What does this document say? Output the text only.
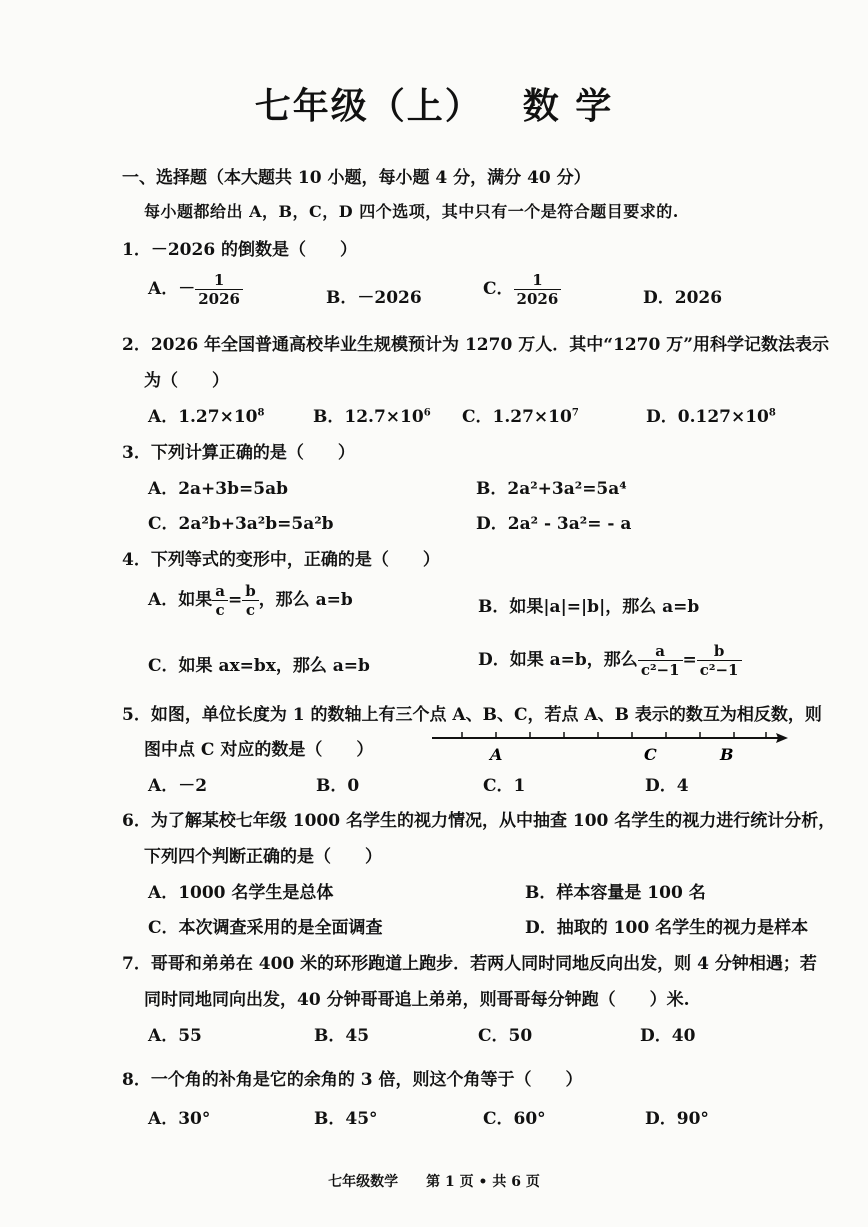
七年级（上） 数 学
一、选择题（本大题共 10 小题，每小题 4 分，满分 40 分）
每小题都给出 A，B，C，D 四个选项，其中只有一个是符合题目要求的.
1．－2026 的倒数是（　　）
A．－ $\frac{1}{2026}$	B．－2026	C． $\frac{1}{2026}$	D．2026
2．2026 年全国普通高校毕业生规模预计为 1270 万人．其中“1270 万”用科学记数法表示
为（　　）
A．$1.27\times 10^8$	B．$12.7\times 10^6$ C．$1.27\times 10^7$	D．$0.127\times 10^8$
3．下列计算正确的是（　　）
A．2a+3b=5ab	B．2a²+3a²=5a⁴
C．2a²b+3a²b=5a²b	D．2a² - 3a²= - a
4．下列等式的变形中，正确的是（　　）
A．如果 $\frac{a}{c} = \frac{b}{c}$ ，那么 a=b	B．如果|a|=|b|，那么 a=b
C．如果 ax=bx，那么 a=b	D．如果 a=b，那么 $\frac{a}{\text{c²−1}} = \frac{b}{\text{c²−1}}$
5．如图，单位长度为 1 的数轴上有三个点 A、B、C，若点 A、B 表示的数互为相反数，则
图中点 C 对应的数是（　　）	A	C	B
A．－2	B．0	C．1	D．4
6．为了解某校七年级 1000 名学生的视力情况，从中抽查 100 名学生的视力进行统计分析，
下列四个判断正确的是（　　）
A．1000 名学生是总体	B．样本容量是 100 名
C．本次调查采用的是全面调查	D．抽取的 100 名学生的视力是样本
7．哥哥和弟弟在 400 米的环形跑道上跑步．若两人同时同地反向出发，则 4 分钟相遇；若
同时同地同向出发，40 分钟哥哥追上弟弟，则哥哥每分钟跑（　　）米.
A．55	B．45	C．50	D．40
8．一个角的补角是它的余角的 3 倍，则这个角等于（　　）
A．30°	B．45°	C．60°	D．90°
七年级数学　　第 1 页 • 共 6 页
